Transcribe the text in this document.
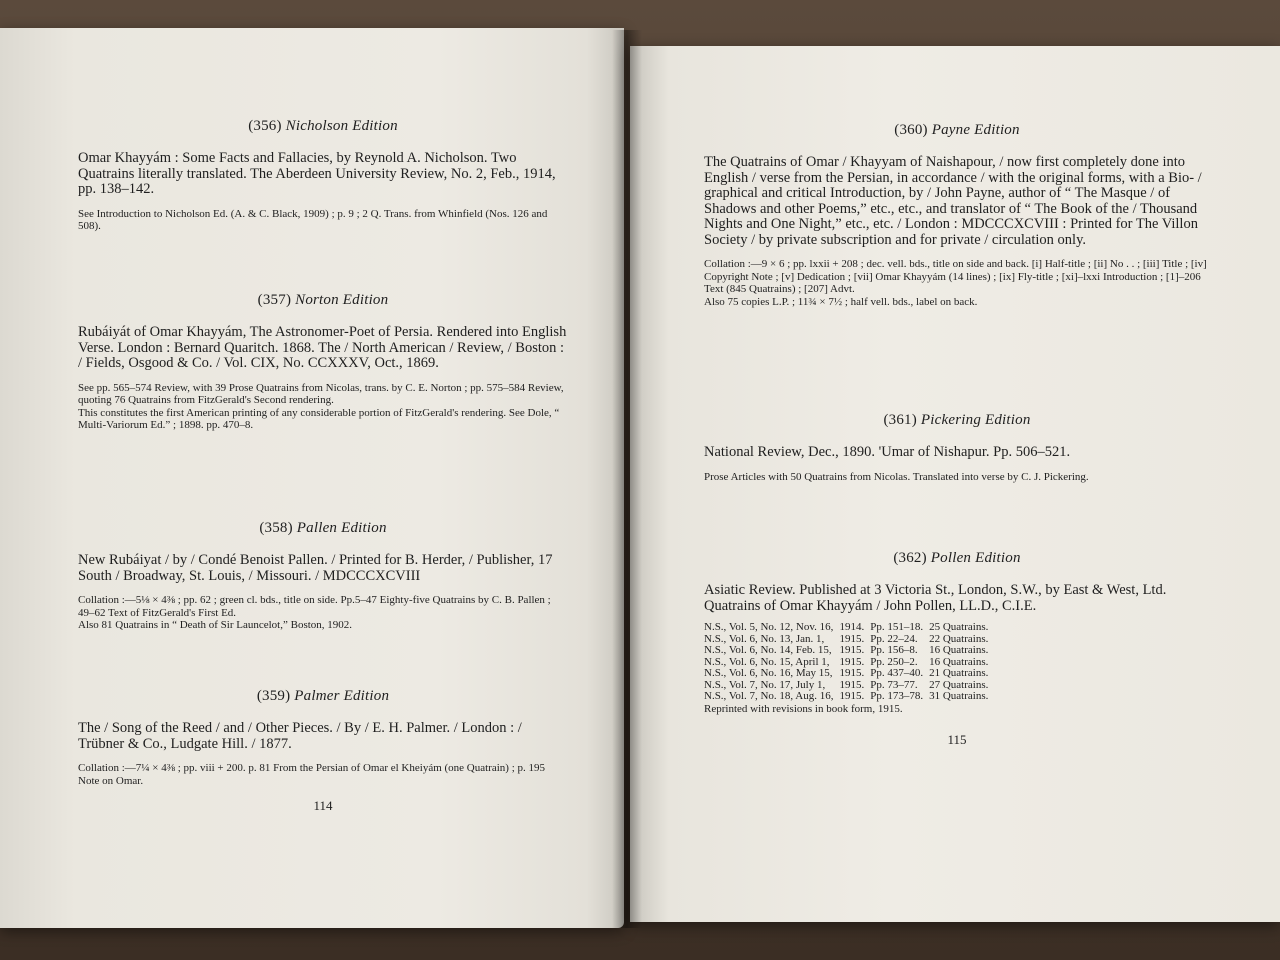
(356) Nicholson Edition

Omar Khayyám : Some Facts and Fallacies, by Reynold A. Nicholson. Two Quatrains literally translated. The Aberdeen University Review, No. 2, Feb., 1914, pp. 138–142.

See Introduction to Nicholson Ed. (A. & C. Black, 1909) ; p. 9 ; 2 Q. Trans. from Whinfield (Nos. 126 and 508).

(357) Norton Edition

Rubáiyát of Omar Khayyám, The Astronomer-Poet of Persia. Rendered into English Verse. London : Bernard Quaritch. 1868. The / North American / Review, / Boston : / Fields, Osgood & Co. / Vol. CIX, No. CCXXXV, Oct., 1869.

See pp. 565–574 Review, with 39 Prose Quatrains from Nicolas, trans. by C. E. Norton ; pp. 575–584 Review, quoting 76 Quatrains from FitzGerald's Second rendering.

This constitutes the first American printing of any considerable portion of FitzGerald's rendering. See Dole, “ Multi-Variorum Ed.” ; 1898. pp. 470–8.

(358) Pallen Edition

New Rubáiyat / by / Condé Benoist Pallen. / Printed for B. Herder, / Publisher, 17 South / Broadway, St. Louis, / Missouri. / MDCCCXCVIII

Collation :—5⅛ × 4⅜ ; pp. 62 ; green cl. bds., title on side. Pp.5–47 Eighty-five Quatrains by C. B. Pallen ; 49–62 Text of FitzGerald's First Ed.

Also 81 Quatrains in “ Death of Sir Launcelot,” Boston, 1902.

(359) Palmer Edition

The / Song of the Reed / and / Other Pieces. / By / E. H. Palmer. / London : / Trübner & Co., Ludgate Hill. / 1877.

Collation :—7¼ × 4⅜ ; pp. viii + 200. p. 81 From the Persian of Omar el Kheiyám (one Quatrain) ; p. 195 Note on Omar.

114

(360) Payne Edition

The Quatrains of Omar / Khayyam of Naishapour, / now first completely done into English / verse from the Persian, in accordance / with the original forms, with a Bio- / graphical and critical Introduction, by / John Payne, author of “ The Masque / of Shadows and other Poems,” etc., etc., and translator of “ The Book of the / Thousand Nights and One Night,” etc., etc. / London : MDCCCXCVIII : Printed for The Villon Society / by private subscription and for private / circulation only.

Collation :—9 × 6 ; pp. lxxii + 208 ; dec. vell. bds., title on side and back. [i] Half-title ; [ii] No . . ; [iii] Title ; [iv] Copyright Note ; [v] Dedication ; [vii] Omar Khayyám (14 lines) ; [ix] Fly-title ; [xi]–lxxi Introduction ; [1]–206 Text (845 Quatrains) ; [207] Advt.

Also 75 copies L.P. ; 11¾ × 7½ ; half vell. bds., label on back.

(361) Pickering Edition

National Review, Dec., 1890. 'Umar of Nishapur. Pp. 506–521.

Prose Articles with 50 Quatrains from Nicolas. Translated into verse by C. J. Pickering.

(362) Pollen Edition

Asiatic Review. Published at 3 Victoria St., London, S.W., by East & West, Ltd.

Quatrains of Omar Khayyám / John Pollen, LL.D., C.I.E.

N.S., Vol. 5, No. 12, Nov. 16,	1914.	Pp. 151–18.	25 Quatrains.
N.S., Vol. 6, No. 13, Jan. 1,	1915.	Pp. 22–24.	22 Quatrains.
N.S., Vol. 6, No. 14, Feb. 15,	1915.	Pp. 156–8.	16 Quatrains.
N.S., Vol. 6, No. 15, April 1,	1915.	Pp. 250–2.	16 Quatrains.
N.S., Vol. 6, No. 16, May 15,	1915.	Pp. 437–40.	21 Quatrains.
N.S., Vol. 7, No. 17, July 1,	1915.	Pp. 73–77.	27 Quatrains.
N.S., Vol. 7, No. 18, Aug. 16,	1915.	Pp. 173–78.	31 Quatrains.
Reprinted with revisions in book form, 1915.
115
